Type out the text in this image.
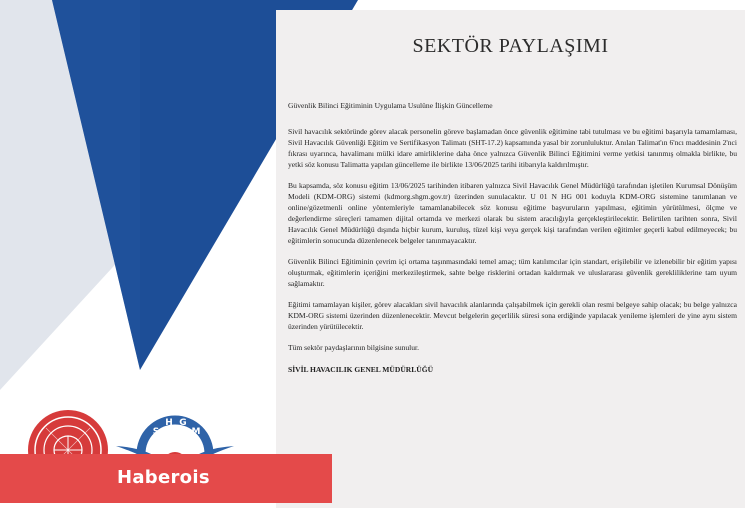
SEKTÖR PAYLAŞIMI

Güvenlik Bilinci Eğitiminin Uygulama Usulüne İlişkin Güncelleme

Sivil havacılık sektöründe görev alacak personelin göreve başlamadan önce güvenlik eğitimine tabi tutulması ve bu eğitimi başarıyla tamamlaması, Sivil Havacılık Güvenliği Eğitim ve Sertifikasyon Talimatı (SHT-17.2) kapsamında yasal bir zorunluluktur. Anılan Talimat'ın 6'ncı maddesinin 2'nci fıkrası uyarınca, havalimanı mülki idare amirliklerine daha önce yalnızca Güvenlik Bilinci Eğitimini verme yetkisi tanınmış olmakla birlikte, bu yetki söz konusu Talimatta yapılan güncelleme ile birlikte 13/06/2025 tarihi itibarıyla kaldırılmıştır.

Bu kapsamda, söz konusu eğitim 13/06/2025 tarihinden itibaren yalnızca Sivil Havacılık Genel Müdürlüğü tarafından işletilen Kurumsal Dönüşüm Modeli (KDM-ORG) sistemi (kdmorg.shgm.gov.tr) üzerinden sunulacaktır. U 01 N HG 001 koduyla KDM-ORG sistemine tanımlanan ve online/gözetmenli online yöntemleriyle tamamlanabilecek söz konusu eğitime başvuruların yapılması, eğitimin yürütülmesi, ölçme ve değerlendirme süreçleri tamamen dijital ortamda ve merkezi olarak bu sistem aracılığıyla gerçekleştirilecektir. Belirtilen tarihten sonra, Sivil Havacılık Genel Müdürlüğü dışında hiçbir kurum, kuruluş, tüzel kişi veya gerçek kişi tarafından verilen eğitimler geçerli kabul edilmeyecek; bu eğitimlerin sonucunda düzenlenecek belgeler tanınmayacaktır.

Güvenlik Bilinci Eğitiminin çevrim içi ortama taşınmasındaki temel amaç; tüm katılımcılar için standart, erişilebilir ve izlenebilir bir eğitim yapısı oluşturmak, eğitimlerin içeriğini merkezileştirmek, sahte belge risklerini ortadan kaldırmak ve uluslararası güvenlik gerekliliklerine tam uyum sağlamaktır.

Eğitimi tamamlayan kişiler, görev alacakları sivil havacılık alanlarında çalışabilmek için gerekli olan resmi belgeye sahip olacak; bu belge yalnızca KDM-ORG sistemi üzerinden düzenlenecektir. Mevcut belgelerin geçerlilik süresi sona erdiğinde yapılacak yenileme işlemleri de yine aynı sistem üzerinden yürütülecektir.

Tüm sektör paydaşlarının bilgisine sunulur.

SİVİL HAVACILIK GENEL MÜDÜRLÜĞÜ

S
H G
M
Haberois
